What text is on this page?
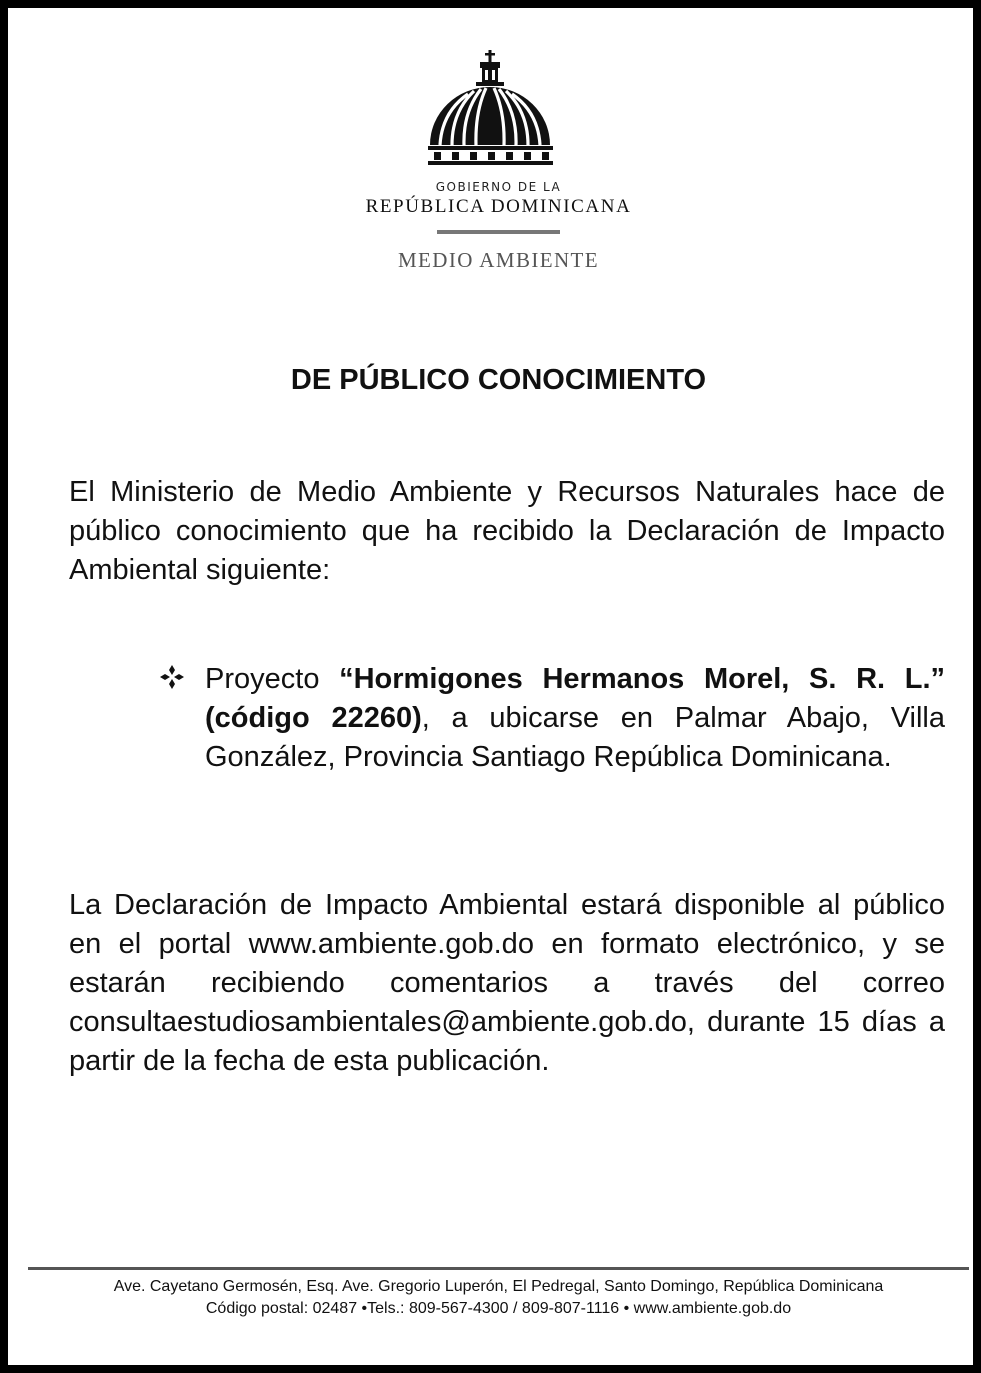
GOBIERNO DE LA
REPÚBLICA DOMINICANA
MEDIO AMBIENTE
DE PÚBLICO CONOCIMIENTO
El Ministerio de Medio Ambiente y Recursos Naturales hace de público conocimiento que ha recibido la Declaración de Impacto Ambiental siguiente:
Proyecto “Hormigones Hermanos Morel, S. R. L.” (código 22260), a ubicarse en Palmar Abajo, Villa González, Provincia Santiago República Dominicana.
La Declaración de Impacto Ambiental estará disponible al público en el portal www.ambiente.gob.do en formato electrónico, y se estarán recibiendo comentarios a través del correo consultaestudiosambientales@ambiente.gob.do, durante 15 días a partir de la fecha de esta publicación.
Ave. Cayetano Germosén, Esq. Ave. Gregorio Luperón, El Pedregal, Santo Domingo, República Dominicana
Código postal: 02487 •Tels.: 809-567-4300 / 809-807-1116 • www.ambiente.gob.do
